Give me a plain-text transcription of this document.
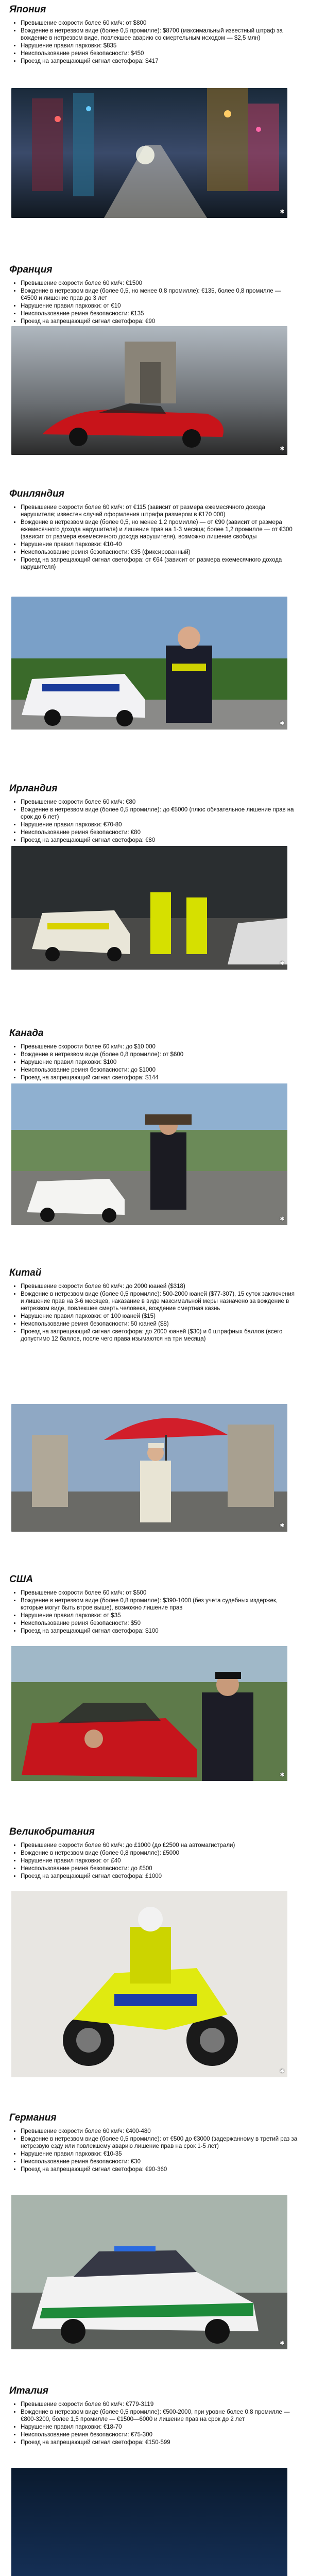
Япония
• Превышение скорости более 60 км/ч: от $800
• Вождение в нетрезвом виде (более 0,5 промилле): $8700 (максимальный известный штраф за вождение в нетрезвом виде, повлекшее аварию со смертельным исходом — $2,5 млн)
• Нарушение правил парковки: $835
• Неиспользование ремня безопасности: $450
• Проезд на запрещающий сигнал светофора: $417
✱
Франция
• Превышение скорости более 60 км/ч: €1500
• Вождение в нетрезвом виде (более 0,5, но менее 0,8 промилле): €135, более 0,8 промилле — €4500 и лишение прав до 3 лет
• Нарушение правил парковки: от €10
• Неиспользование ремня безопасности: €135
• Проезд на запрещающий сигнал светофора: €90
✱
Финляндия
• Превышение скорости более 60 км/ч: от €115 (зависит от размера ежемесячного дохода нарушителя; известен случай оформления штрафа размером в €170 000)
• Вождение в нетрезвом виде (более 0,5, но менее 1,2 промилле) — от €90 (зависит от размера ежемесячного дохода нарушителя) и лишение прав на 1-3 месяца; более 1,2 промилле — от €300 (зависит от размера ежемесячного дохода нарушителя), возможно лишение свободы
• Нарушение правил парковки: €10-40
• Неиспользование ремня безопасности: €35 (фиксированный)
• Проезд на запрещающий сигнал светофора: от €64 (зависит от размера ежемесячного дохода нарушителя)
✱
Ирландия
• Превышение скорости более 60 км/ч: €80
• Вождение в нетрезвом виде (более 0,5 промилле): до €5000 (плюс обязательное лишение прав на срок до 6 лет)
• Нарушение правил парковки: €70-80
• Неиспользование ремня безопасности: €80
• Проезд на запрещающий сигнал светофора: €80
✱
Канада
• Превышение скорости более 60 км/ч: до $10 000
• Вождение в нетрезвом виде (более 0,8 промилле): от $600
• Нарушение правил парковки: $100
• Неиспользование ремня безопасности: до $1000
• Проезд на запрещающий сигнал светофора: $144
✱
Китай
• Превышение скорости более 60 км/ч: до 2000 юаней ($318)
• Вождение в нетрезвом виде (более 0,5 промилле): 500-2000 юаней ($77-307), 15 суток заключения и лишение прав на 3-6 месяцев, наказание в виде максимальной меры назначено за вождение в нетрезвом виде, повлекшее смерть человека, вождение смертная казнь
• Нарушение правил парковки: от 100 юаней ($15)
• Неиспользование ремня безопасности: 50 юаней ($8)
• Проезд на запрещающий сигнал светофора: до 2000 юаней ($30) и 6 штрафных баллов (всего допустимо 12 баллов, после чего права изымаются на три месяца)
✱
США
• Превышение скорости более 60 км/ч: от $500
• Вождение в нетрезвом виде (более 0,8 промилле): $390-1000 (без учета судебных издержек, которые могут быть втрое выше), возможно лишение прав
• Нарушение правил парковки: от $35
• Неиспользование ремня безопасности: $50
• Проезд на запрещающий сигнал светофора: $100
✱
Великобритания
• Превышение скорости более 60 км/ч: до £1000 (до £2500 на автомагистрали)
• Вождение в нетрезвом виде (более 0,8 промилле): £5000
• Нарушение правил парковки: от £40
• Неиспользование ремня безопасности: до £500
• Проезд на запрещающий сигнал светофора: £1000
✱
Германия
• Превышение скорости более 60 км/ч: €400-480
• Вождение в нетрезвом виде (более 0,5 промилле): от €500 до €3000 (задержанному в третий раз за нетрезвую езду или повлекшему аварию лишение прав на срок 1-5 лет)
• Нарушение правил парковки: €10-35
• Неиспользование ремня безопасности: €30
• Проезд на запрещающий сигнал светофора: €90-360
✱
Италия
• Превышение скорости более 60 км/ч: €779-3119
• Вождение в нетрезвом виде (более 0,5 промилле): €500-2000, при уровне более 0,8 промилле — €800-3200, более 1,5 промилле — €1500—6000 и лишение прав на срок до 2 лет
• Нарушение правил парковки: €18-70
• Неиспользование ремня безопасности: €75-300
• Проезд на запрещающий сигнал светофора: €150-599
